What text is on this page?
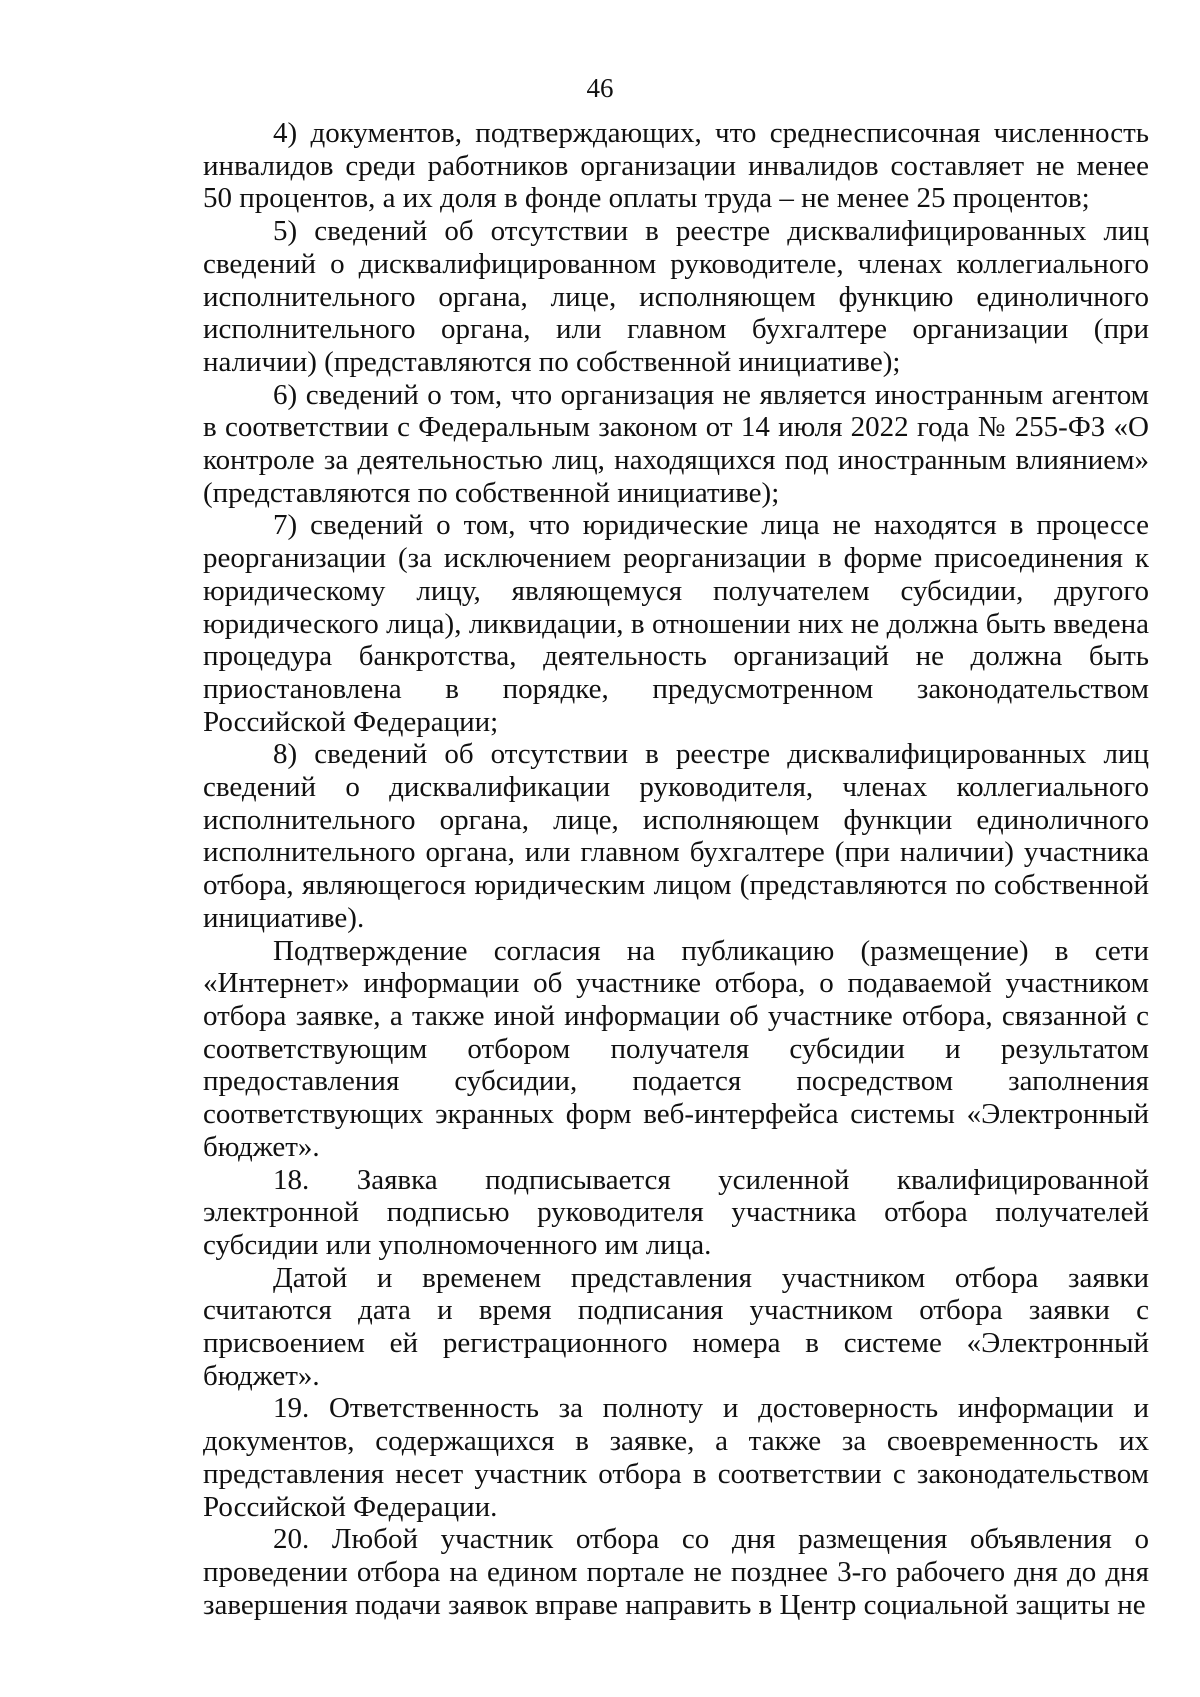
46

4) документов, подтверждающих, что среднесписочная численность инвалидов среди работников организации инвалидов составляет не менее 50 процентов, а их доля в фонде оплаты труда – не менее 25 процентов;

5) сведений об отсутствии в реестре дисквалифицированных лиц сведений о дисквалифицированном руководителе, членах коллегиального исполнительного органа, лице, исполняющем функцию единоличного исполнительного органа, или главном бухгалтере организации (при наличии) (представляются по собственной инициативе);

6) сведений о том, что организация не является иностранным агентом в соответствии с Федеральным законом от 14 июля 2022 года № 255-ФЗ «О контроле за деятельностью лиц, находящихся под иностранным влиянием» (представляются по собственной инициативе);

7) сведений о том, что юридические лица не находятся в процессе реорганизации (за исключением реорганизации в форме присоединения к юридическому лицу, являющемуся получателем субсидии, другого юридического лица), ликвидации, в отношении них не должна быть введена процедура банкротства, деятельность организаций не должна быть приостановлена в порядке, предусмотренном законодательством Российской Федерации;

8) сведений об отсутствии в реестре дисквалифицированных лиц сведений о дисквалификации руководителя, членах коллегиального исполнительного органа, лице, исполняющем функции единоличного исполнительного органа, или главном бухгалтере (при наличии) участника отбора, являющегося юридическим лицом (представляются по собственной инициативе).

Подтверждение согласия на публикацию (размещение) в сети «Интернет» информации об участнике отбора, о подаваемой участником отбора заявке, а также иной информации об участнике отбора, связанной с соответствующим отбором получателя субсидии и результатом предоставления субсидии, подается посредством заполнения соответствующих экранных форм веб-интерфейса системы «Электронный бюджет».

18. Заявка подписывается усиленной квалифицированной электронной подписью руководителя участника отбора получателей субсидии или уполномоченного им лица.

Датой и временем представления участником отбора заявки считаются дата и время подписания участником отбора заявки с присвоением ей регистрационного номера в системе «Электронный бюджет».

19. Ответственность за полноту и достоверность информации и документов, содержащихся в заявке, а также за своевременность их представления несет участник отбора в соответствии с законодательством Российской Федерации.

20. Любой участник отбора со дня размещения объявления о проведении отбора на едином портале не позднее 3-го рабочего дня до дня завершения подачи заявок вправе направить в Центр социальной защиты не
